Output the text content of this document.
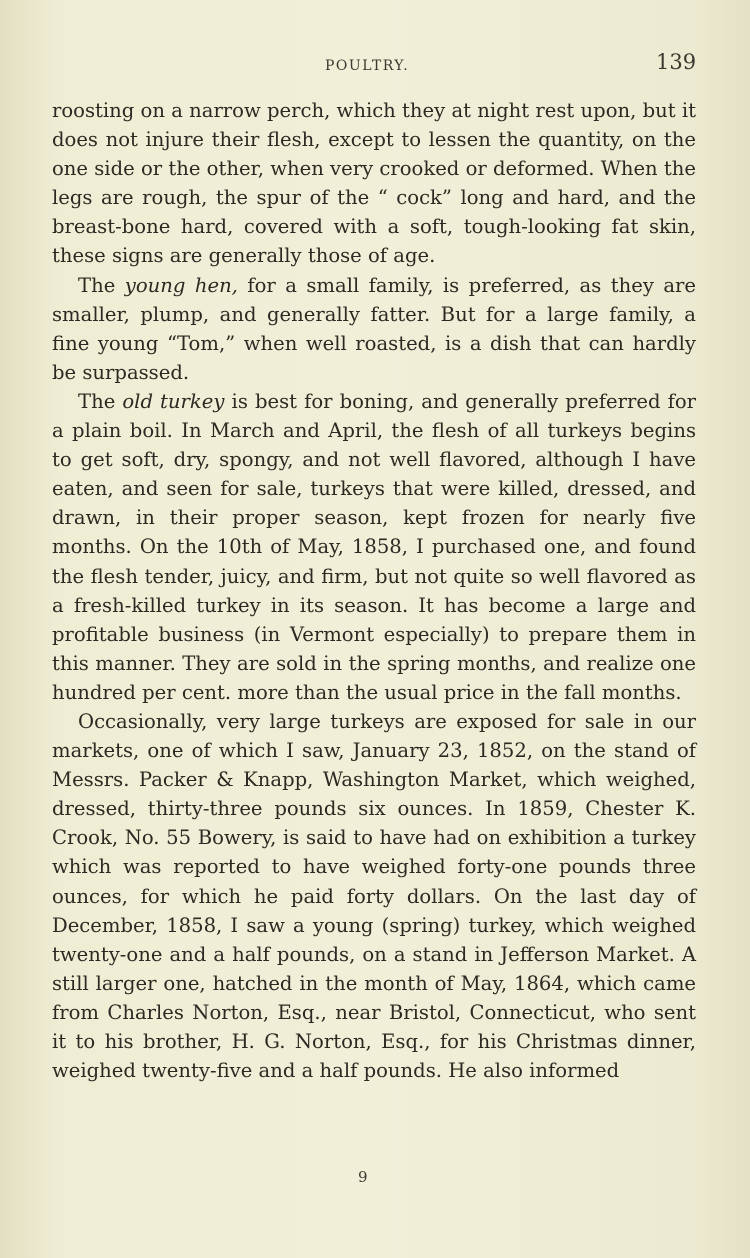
POULTRY.	139

roosting on a narrow perch, which they at night rest upon, but it does not injure their flesh, except to lessen the quantity, on the one side or the other, when very crooked or deformed. When the legs are rough, the spur of the “ cock” long and hard, and the breast-bone hard, covered with a soft, tough-looking fat skin, these signs are generally those of age.

The young hen, for a small family, is preferred, as they are smaller, plump, and generally fatter. But for a large family, a fine young “Tom,” when well roasted, is a dish that can hardly be surpassed.

The old turkey is best for boning, and generally preferred for a plain boil. In March and April, the flesh of all turkeys begins to get soft, dry, spongy, and not well flavored, although I have eaten, and seen for sale, turkeys that were killed, dressed, and drawn, in their proper season, kept frozen for nearly five months. On the 10th of May, 1858, I purchased one, and found the flesh tender, juicy, and firm, but not quite so well flavored as a fresh-killed turkey in its season. It has become a large and profitable business (in Vermont especially) to prepare them in this manner. They are sold in the spring months, and realize one hundred per cent. more than the usual price in the fall months.

Occasionally, very large turkeys are exposed for sale in our markets, one of which I saw, January 23, 1852, on the stand of Messrs. Packer & Knapp, Washington Market, which weighed, dressed, thirty-three pounds six ounces. In 1859, Chester K. Crook, No. 55 Bowery, is said to have had on exhibition a turkey which was reported to have weighed forty-one pounds three ounces, for which he paid forty dollars. On the last day of December, 1858, I saw a young (spring) turkey, which weighed twenty-one and a half pounds, on a stand in Jefferson Market. A still larger one, hatched in the month of May, 1864, which came from Charles Norton, Esq., near Bristol, Connecticut, who sent it to his brother, H. G. Norton, Esq., for his Christmas dinner, weighed twenty-five and a half pounds. He also informed

9
